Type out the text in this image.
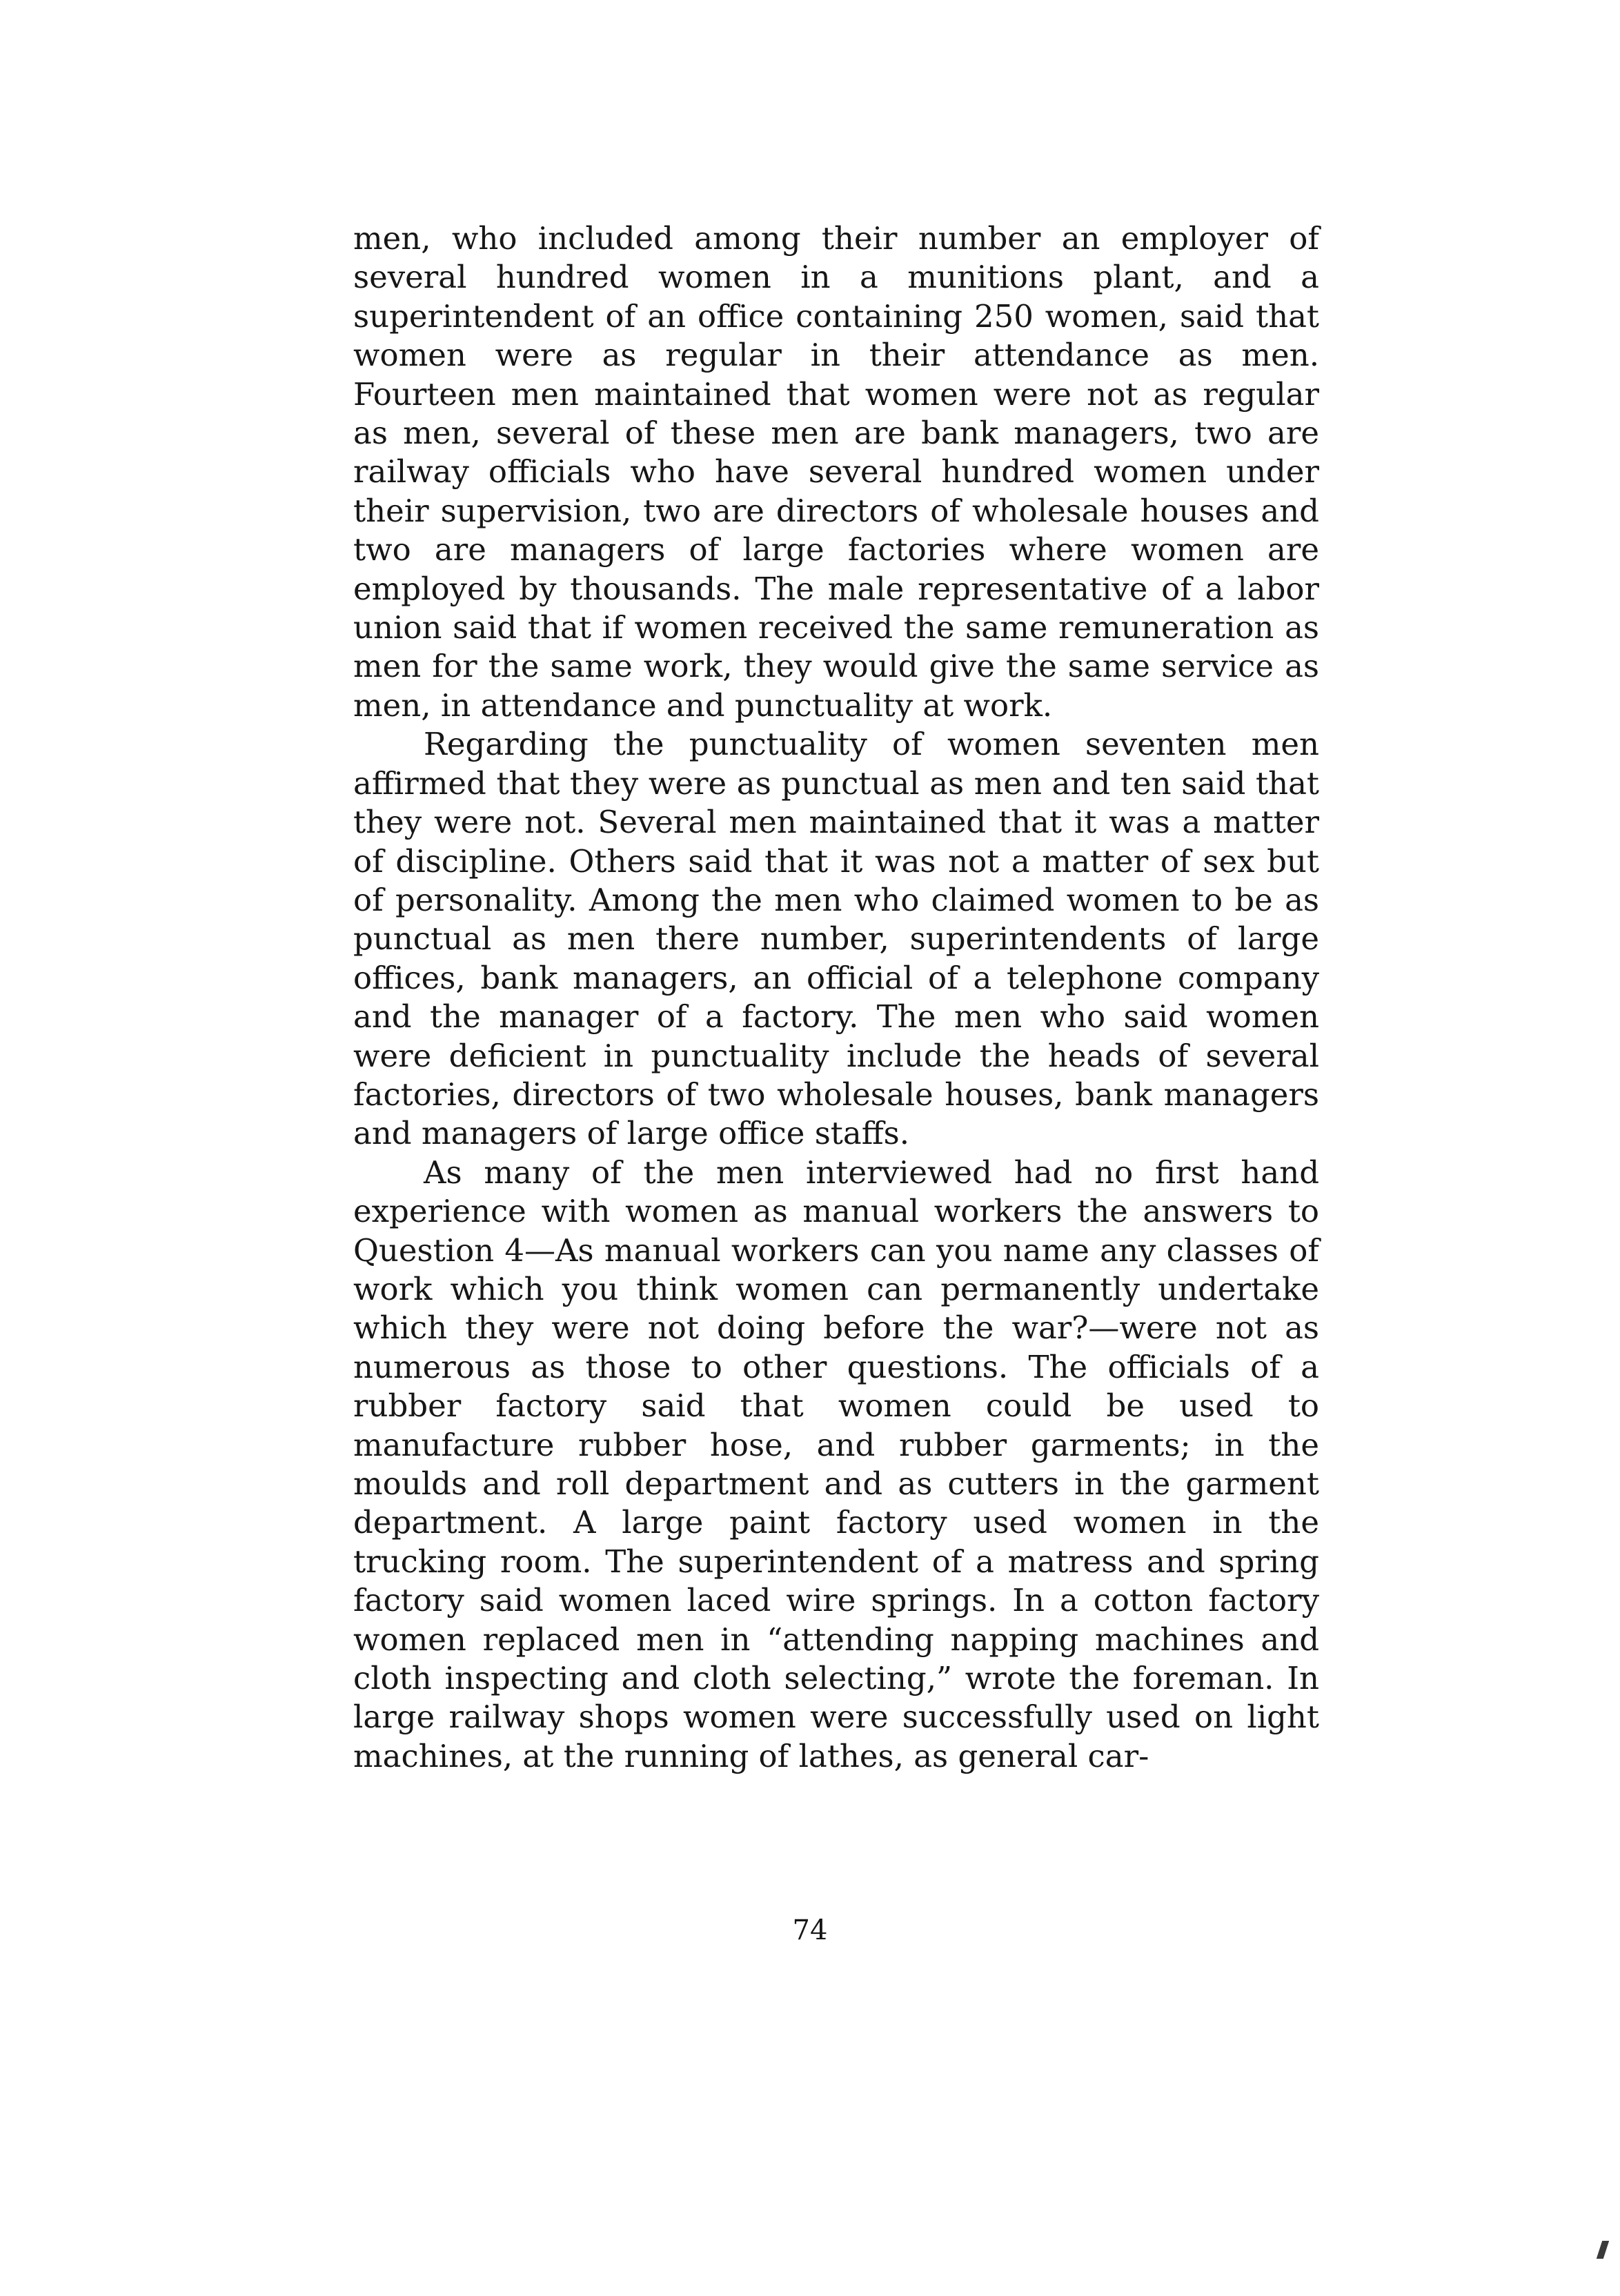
men, who included among their number an employer of several hundred women in a munitions plant, and a superintendent of an office containing 250 women, said that women were as regular in their attendance as men. Fourteen men maintained that women were not as regular as men, several of these men are bank managers, two are railway officials who have several hundred women under their supervision, two are directors of wholesale houses and two are managers of large factories where women are employed by thousands. The male representative of a labor union said that if women received the same remuneration as men for the same work, they would give the same service as men, in attendance and punctuality at work.

Regarding the punctuality of women seventen men affirmed that they were as punctual as men and ten said that they were not. Several men maintained that it was a matter of discipline. Others said that it was not a matter of sex but of personality. Among the men who claimed women to be as punctual as men there number, superintendents of large offices, bank managers, an official of a telephone company and the manager of a factory. The men who said women were deficient in punctuality include the heads of several factories, directors of two wholesale houses, bank managers and managers of large office staffs.

As many of the men interviewed had no first hand experience with women as manual workers the answers to Question 4—As manual workers can you name any classes of work which you think women can permanently undertake which they were not doing before the war?—were not as numerous as those to other questions. The officials of a rubber factory said that women could be used to manufacture rubber hose, and rubber garments; in the moulds and roll department and as cutters in the garment department. A large paint factory used women in the trucking room. The superintendent of a matress and spring factory said women laced wire springs. In a cotton factory women replaced men in “attending napping machines and cloth inspecting and cloth selecting,” wrote the foreman. In large railway shops women were successfully used on light machines, at the running of lathes, as general car-

74
